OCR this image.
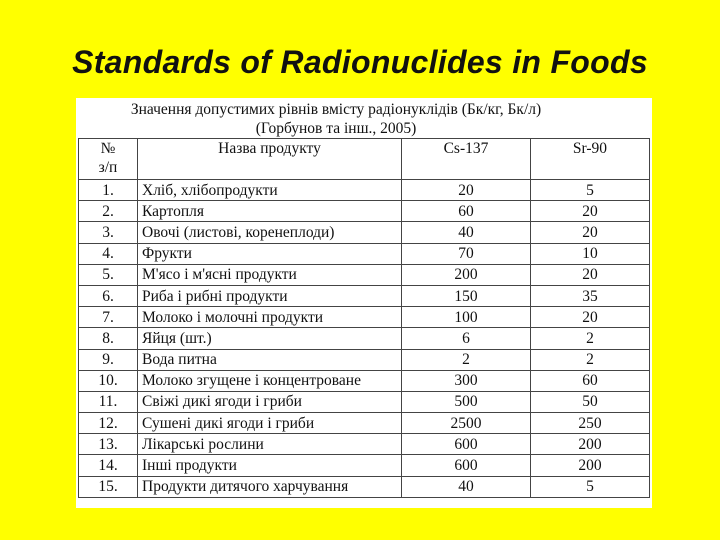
Standards of Radionuclides in Foods
Значення допустимих рівнів вмісту радіонуклідів (Бк/кг, Бк/л)
(Горбунов та інш., 2005)
№
з/п	Назва продукту	Cs-137	Sr-90
1.	Хліб, хлібопродукти	20	5
2.	Картопля	60	20
3.	Овочі (листові, коренеплоди)	40	20
4.	Фрукти	70	10
5.	М'ясо і м'ясні продукти	200	20
6.	Риба і рибні продукти	150	35
7.	Молоко і молочні продукти	100	20
8.	Яйця (шт.)	6	2
9.	Вода питна	2	2
10.	Молоко згущене і концентроване	300	60
11.	Свіжі дикі ягоди і гриби	500	50
12.	Сушені дикі ягоди і гриби	2500	250
13.	Лікарські рослини	600	200
14.	Інші продукти	600	200
15.	Продукти дитячого харчування	40	5
